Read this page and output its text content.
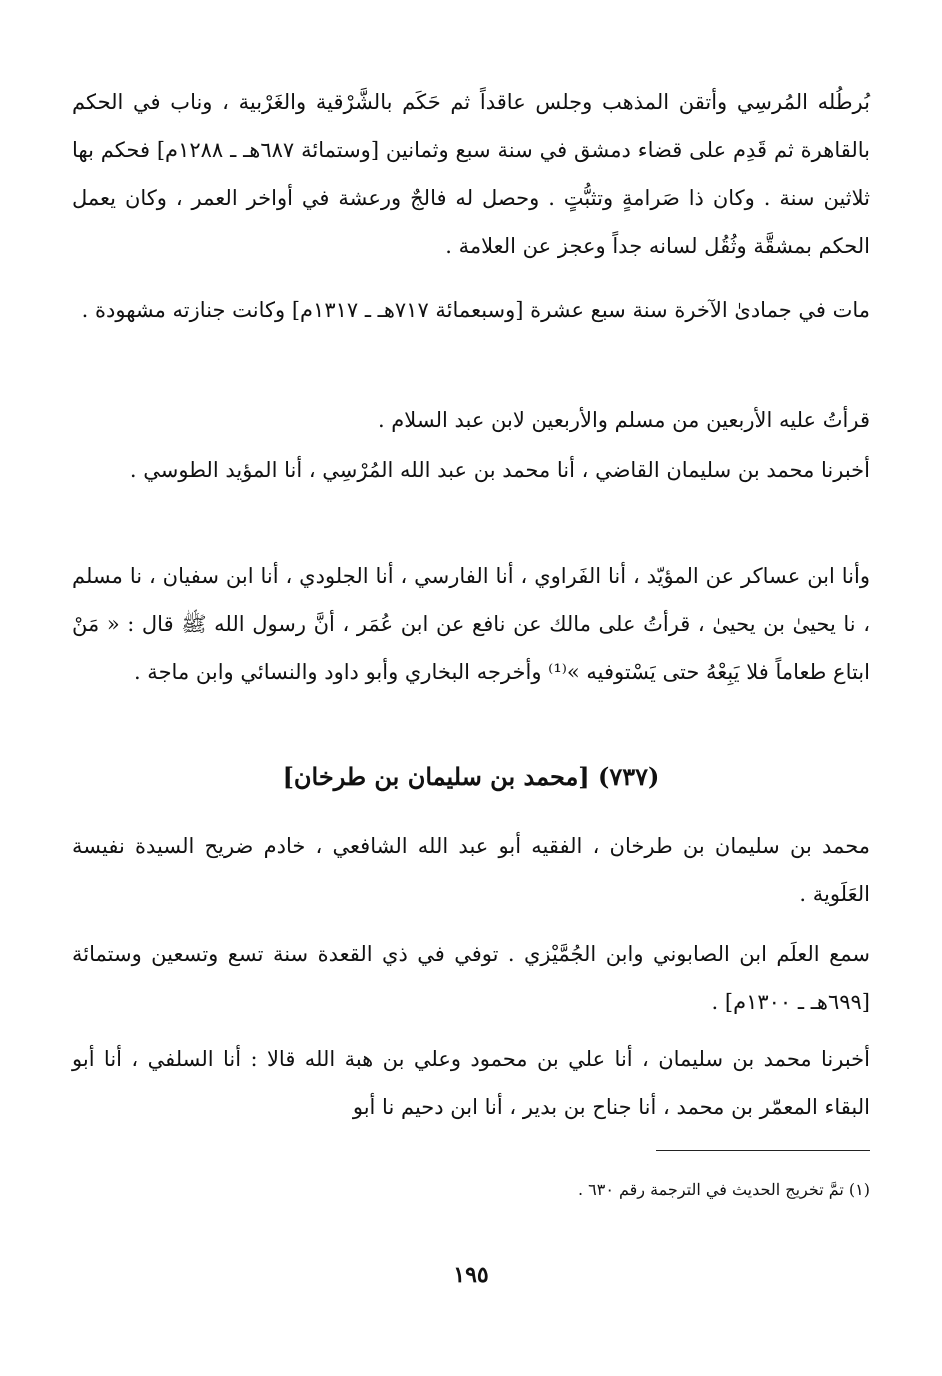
بُرطُله المُرسِي وأتقن المذهب وجلس عاقداً ثم حَكَم بالشَّرْقية والغَرْبية ، وناب في الحكم بالقاهرة ثم قَدِم على قضاء دمشق في سنة سبع وثمانين [وستمائة ٦٨٧هـ ـ ١٢٨٨م] فحكم بها ثلاثين سنة . وكان ذا صَرامةٍ وتثبُّتٍ . وحصل له فالجٌ ورعشة في أواخر العمر ، وكان يعمل الحكم بمشقَّة وثُقُل لسانه جداً وعجز عن العلامة .

مات في جمادىٰ الآخرة سنة سبع عشرة [وسبعمائة ٧١٧هـ ـ ١٣١٧م] وكانت جنازته مشهودة .

قرأتُ عليه الأربعين من مسلم والأربعين لابن عبد السلام .

أخبرنا محمد بن سليمان القاضي ، أنا محمد بن عبد الله المُرْسِي ، أنا المؤيد الطوسي .

وأنا ابن عساكر عن المؤيّد ، أنا الفَراوي ، أنا الفارسي ، أنا الجلودي ، أنا ابن سفيان ، نا مسلم ، نا يحيىٰ بن يحيىٰ ، قرأتُ على مالك عن نافع عن ابن عُمَر ، أنَّ رسول الله ﷺ قال : « مَنْ ابتاع طعاماً فلا يَبِعْهُ حتى يَسْتوفيه »⁽¹⁾ وأخرجه البخاري وأبو داود والنسائي وابن ماجة .

(٧٣٧) [محمد بن سليمان بن طرخان]

محمد بن سليمان بن طرخان ، الفقيه أبو عبد الله الشافعي ، خادم ضريح السيدة نفيسة العَلَوية .

سمع العلَم ابن الصابوني وابن الجُمَّيْزي . توفي في ذي القعدة سنة تسع وتسعين وستمائة [٦٩٩هـ ـ ١٣٠٠م] .

أخبرنا محمد بن سليمان ، أنا علي بن محمود وعلي بن هبة الله قالا : أنا السلفي ، أنا أبو البقاء المعمّر بن محمد ، أنا جناح بن بدير ، أنا ابن دحيم نا أبو

(١) تمَّ تخريج الحديث في الترجمة رقم ٦٣٠ .

١٩٥
